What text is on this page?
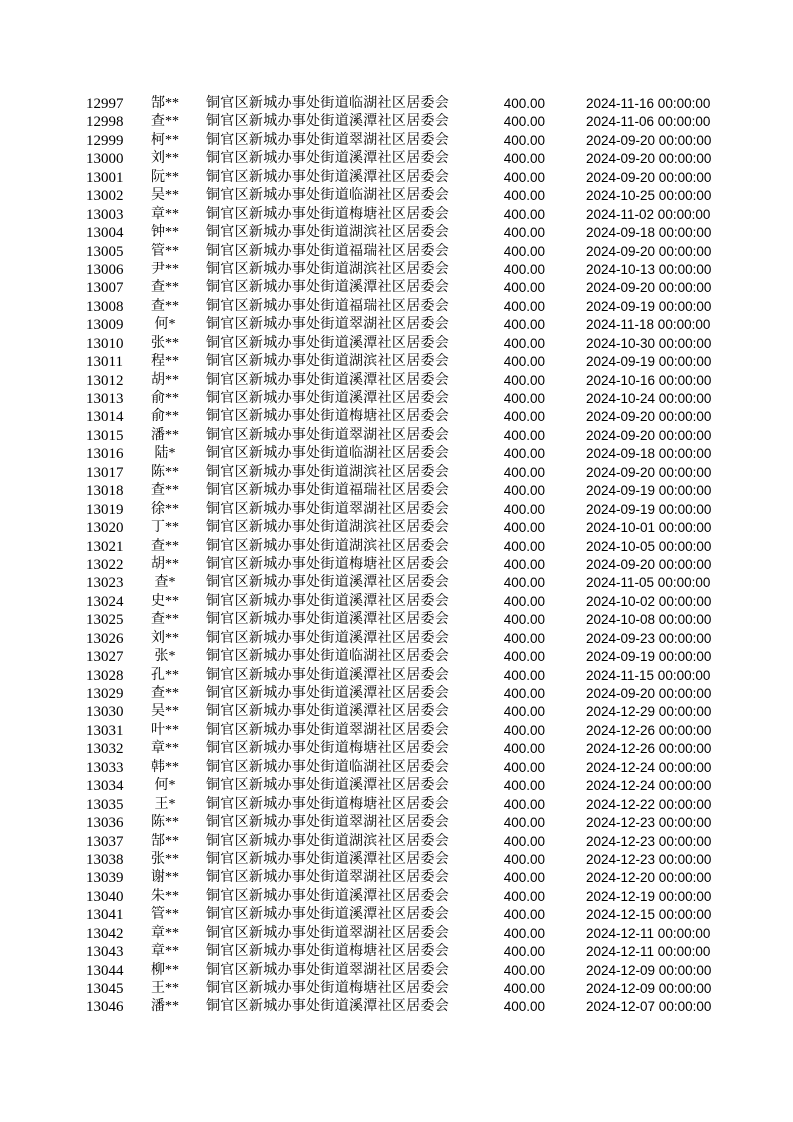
12997	郜**	铜官区新城办事处街道临湖社区居委会	400.00	2024-11-16 00:00:00
12998	查**	铜官区新城办事处街道溪潭社区居委会	400.00	2024-11-06 00:00:00
12999	柯**	铜官区新城办事处街道翠湖社区居委会	400.00	2024-09-20 00:00:00
13000	刘**	铜官区新城办事处街道溪潭社区居委会	400.00	2024-09-20 00:00:00
13001	阮**	铜官区新城办事处街道溪潭社区居委会	400.00	2024-09-20 00:00:00
13002	吴**	铜官区新城办事处街道临湖社区居委会	400.00	2024-10-25 00:00:00
13003	章**	铜官区新城办事处街道梅塘社区居委会	400.00	2024-11-02 00:00:00
13004	钟**	铜官区新城办事处街道湖滨社区居委会	400.00	2024-09-18 00:00:00
13005	管**	铜官区新城办事处街道福瑞社区居委会	400.00	2024-09-20 00:00:00
13006	尹**	铜官区新城办事处街道湖滨社区居委会	400.00	2024-10-13 00:00:00
13007	查**	铜官区新城办事处街道溪潭社区居委会	400.00	2024-09-20 00:00:00
13008	查**	铜官区新城办事处街道福瑞社区居委会	400.00	2024-09-19 00:00:00
13009	何*	铜官区新城办事处街道翠湖社区居委会	400.00	2024-11-18 00:00:00
13010	张**	铜官区新城办事处街道溪潭社区居委会	400.00	2024-10-30 00:00:00
13011	程**	铜官区新城办事处街道湖滨社区居委会	400.00	2024-09-19 00:00:00
13012	胡**	铜官区新城办事处街道溪潭社区居委会	400.00	2024-10-16 00:00:00
13013	俞**	铜官区新城办事处街道溪潭社区居委会	400.00	2024-10-24 00:00:00
13014	俞**	铜官区新城办事处街道梅塘社区居委会	400.00	2024-09-20 00:00:00
13015	潘**	铜官区新城办事处街道翠湖社区居委会	400.00	2024-09-20 00:00:00
13016	陆*	铜官区新城办事处街道临湖社区居委会	400.00	2024-09-18 00:00:00
13017	陈**	铜官区新城办事处街道湖滨社区居委会	400.00	2024-09-20 00:00:00
13018	查**	铜官区新城办事处街道福瑞社区居委会	400.00	2024-09-19 00:00:00
13019	徐**	铜官区新城办事处街道翠湖社区居委会	400.00	2024-09-19 00:00:00
13020	丁**	铜官区新城办事处街道湖滨社区居委会	400.00	2024-10-01 00:00:00
13021	查**	铜官区新城办事处街道湖滨社区居委会	400.00	2024-10-05 00:00:00
13022	胡**	铜官区新城办事处街道梅塘社区居委会	400.00	2024-09-20 00:00:00
13023	查*	铜官区新城办事处街道溪潭社区居委会	400.00	2024-11-05 00:00:00
13024	史**	铜官区新城办事处街道溪潭社区居委会	400.00	2024-10-02 00:00:00
13025	查**	铜官区新城办事处街道溪潭社区居委会	400.00	2024-10-08 00:00:00
13026	刘**	铜官区新城办事处街道溪潭社区居委会	400.00	2024-09-23 00:00:00
13027	张*	铜官区新城办事处街道临湖社区居委会	400.00	2024-09-19 00:00:00
13028	孔**	铜官区新城办事处街道溪潭社区居委会	400.00	2024-11-15 00:00:00
13029	查**	铜官区新城办事处街道溪潭社区居委会	400.00	2024-09-20 00:00:00
13030	吴**	铜官区新城办事处街道溪潭社区居委会	400.00	2024-12-29 00:00:00
13031	叶**	铜官区新城办事处街道翠湖社区居委会	400.00	2024-12-26 00:00:00
13032	章**	铜官区新城办事处街道梅塘社区居委会	400.00	2024-12-26 00:00:00
13033	韩**	铜官区新城办事处街道临湖社区居委会	400.00	2024-12-24 00:00:00
13034	何*	铜官区新城办事处街道溪潭社区居委会	400.00	2024-12-24 00:00:00
13035	王*	铜官区新城办事处街道梅塘社区居委会	400.00	2024-12-22 00:00:00
13036	陈**	铜官区新城办事处街道翠湖社区居委会	400.00	2024-12-23 00:00:00
13037	郜**	铜官区新城办事处街道湖滨社区居委会	400.00	2024-12-23 00:00:00
13038	张**	铜官区新城办事处街道溪潭社区居委会	400.00	2024-12-23 00:00:00
13039	谢**	铜官区新城办事处街道翠湖社区居委会	400.00	2024-12-20 00:00:00
13040	朱**	铜官区新城办事处街道溪潭社区居委会	400.00	2024-12-19 00:00:00
13041	管**	铜官区新城办事处街道溪潭社区居委会	400.00	2024-12-15 00:00:00
13042	章**	铜官区新城办事处街道翠湖社区居委会	400.00	2024-12-11 00:00:00
13043	章**	铜官区新城办事处街道梅塘社区居委会	400.00	2024-12-11 00:00:00
13044	柳**	铜官区新城办事处街道翠湖社区居委会	400.00	2024-12-09 00:00:00
13045	王**	铜官区新城办事处街道梅塘社区居委会	400.00	2024-12-09 00:00:00
13046	潘**	铜官区新城办事处街道溪潭社区居委会	400.00	2024-12-07 00:00:00
